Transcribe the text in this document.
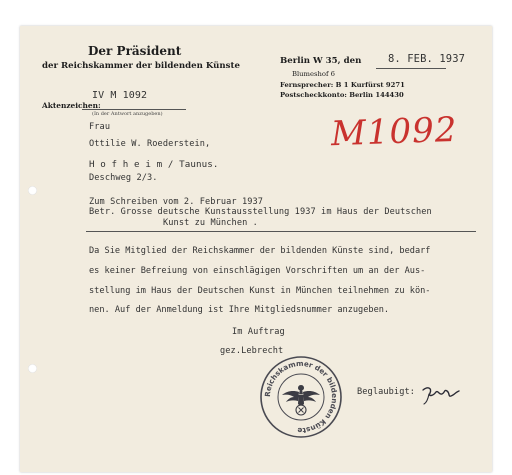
Der Präsident
der Reichskammer der bildenden Künste	Berlin W 35, den	8. FEB. 1937
Blumeshof 6
Fernsprecher: B 1 Kurfürst 9271
Postscheckkonto: Berlin 144430
Aktenzeichen:
IV M 1092
(In der Antwort anzugeben)	M1092
Frau
Ottilie W. Roederstein,
H o f h e i m / Taunus.
Deschweg 2/3.
Zum Schreiben vom 2. Februar 1937
Betr. Grosse deutsche Kunstausstellung 1937 im Haus der Deutschen
Kunst zu München .
Da Sie Mitglied der Reichskammer der bildenden Künste sind, bedarf
es keiner Befreiung von einschlägigen Vorschriften um an der Aus-
stellung im Haus der Deutschen Kunst in München teilnehmen zu kön-
nen. Auf der Anmeldung ist Ihre Mitgliedsnummer anzugeben.
Im Auftrag
gez.Lebrecht
Reichskammer der bildenden Künste
Beglaubigt:
